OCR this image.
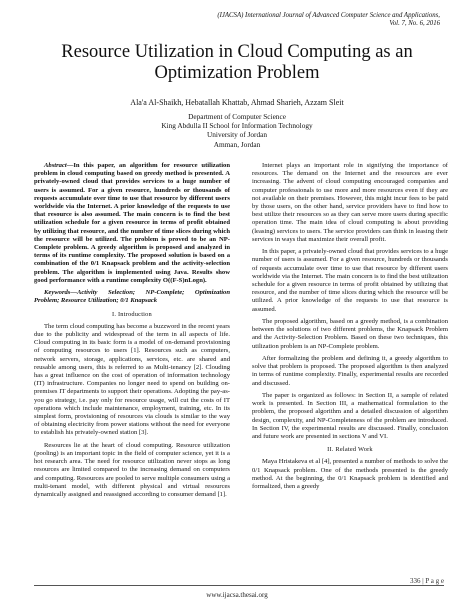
(IJACSA) International Journal of Advanced Computer Science and Applications,
Vol. 7, No. 6, 2016
Resource Utilization in Cloud Computing as an
Optimization Problem
Ala'a Al-Shaikh, Hebatallah Khattab, Ahmad Sharieh, Azzam Sleit
Department of Computer Science
King Abdulla II School for Information Technology
University of Jordan
Amman, Jordan

Abstract—In this paper, an algorithm for resource utilization problem in cloud computing based on greedy method is presented. A privately-owned cloud that provides services to a huge number of users is assumed. For a given resource, hundreds or thousands of requests accumulate over time to use that resource by different users worldwide via the Internet. A prior knowledge of the requests to use that resource is also assumed. The main concern is to find the best utilization schedule for a given resource in terms of profit obtained by utilizing that resource, and the number of time slices during which the resource will be utilized. The problem is proved to be an NP-Complete problem. A greedy algorithm is proposed and analyzed in terms of its runtime complexity. The proposed solution is based on a combination of the 0/1 Knapsack problem and the activity-selection problem. The algorithm is implemented using Java. Results show good performance with a runtime complexity O((F-S)nLogn).

Keywords—Activity Selection; NP-Complete; Optimization Problem; Resource Utilization; 0/1 Knapsack

I. Introduction

The term cloud computing has become a buzzword in the recent years due to the publicity and widespread of the term in all aspects of life. Cloud computing in its basic form is a model of on-demand provisioning of computing resources to users [1]. Resources such as computers, network servers, storage, applications, services, etc. are shared and reusable among users, this is referred to as Multi-tenancy [2]. Clouding has a great influence on the cost of operation of information technology (IT) infrastructure. Companies no longer need to spend on building on-premises IT departments to support their operations. Adopting the pay-as-you go strategy, i.e. pay only for resource usage, will cut the costs of IT operations which include maintenance, employment, training, etc. In its simplest form, provisioning of resources via clouds is similar to the way of obtaining electricity from power stations without the need for everyone to establish his privately-owned station [3].

Resources lie at the heart of cloud computing. Resource utilization (pooling) is an important topic in the field of computer science, yet it is a hot research area. The need for resource utilization never stops as long resources are limited compared to the increasing demand on computers and computing. Resources are pooled to serve multiple consumers using a multi-tenant model, with different physical and virtual resources dynamically assigned and reassigned according to consumer demand [1].

Internet plays an important role in signifying the importance of resources. The demand on the Internet and the resources are ever increasing. The advent of cloud computing encouraged companies and computer professionals to use more and more resources even if they are not available on their premises. However, this might incur fees to be paid by those users, on the other hand, service providers have to find how to best utilize their resources so as they can serve more users during specific operation time. The main idea of cloud computing is about providing (leasing) services to users. The service providers can think in leasing their services in ways that maximize their overall profit.

In this paper, a privately-owned cloud that provides services to a huge number of users is assumed. For a given resource, hundreds or thousands of requests accumulate over time to use that resource by different users worldwide via the Internet. The main concern is to find the best utilization schedule for a given resource in terms of profit obtained by utilizing that resource, and the number of time slices during which the resource will be utilized. A prior knowledge of the requests to use that resource is assumed.

The proposed algorithm, based on a greedy method, is a combination between the solutions of two different problems, the Knapsack Problem and the Activity-Selection Problem. Based on these two techniques, this utilization problem is an NP-Complete problem.

After formalizing the problem and defining it, a greedy algorithm to solve that problem is proposed. The proposed algorithm is then analyzed in terms of runtime complexity. Finally, experimental results are recorded and discussed.

The paper is organized as follows: in Section II, a sample of related work is presented. In Section III, a mathematical formulation to the problem, the proposed algorithm and a detailed discussion of algorithm design, complexity, and NP-Completeness of the problem are introduced. In Section IV, the experimental results are discussed. Finally, conclusion and future work are presented in sections V and VI.

II. Related Work

Maya Hristakeva et al [4], presented a number of methods to solve the 0/1 Knapsack problem. One of the methods presented is the greedy method. At the beginning, the 0/1 Knapsack problem is identified and formalized, then a greedy

336 | P a g e
www.ijacsa.thesai.org
